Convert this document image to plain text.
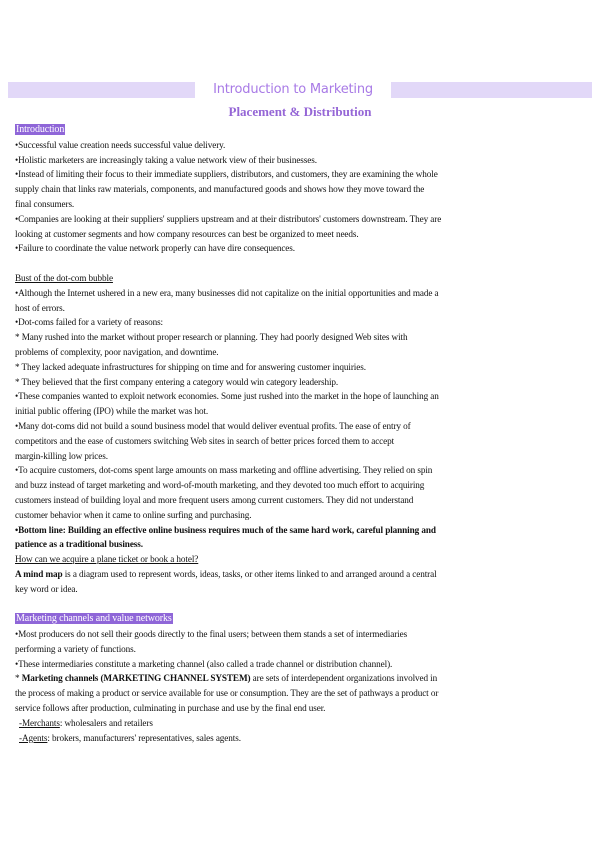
Introduction to Marketing
Placement & Distribution
Introduction
•Successful value creation needs successful value delivery.
•Holistic marketers are increasingly taking a value network view of their businesses.
•Instead of limiting their focus to their immediate suppliers, distributors, and customers, they are examining the whole
supply chain that links raw materials, components, and manufactured goods and shows how they move toward the
final consumers.
•Companies are looking at their suppliers' suppliers upstream and at their distributors' customers downstream. They are
looking at customer segments and how company resources can best be organized to meet needs.
•Failure to coordinate the value network properly can have dire consequences.
Bust of the dot-com bubble
•Although the Internet ushered in a new era, many businesses did not capitalize on the initial opportunities and made a
host of errors.
•Dot-coms failed for a variety of reasons:
* Many rushed into the market without proper research or planning. They had poorly designed Web sites with
problems of complexity, poor navigation, and downtime.
* They lacked adequate infrastructures for shipping on time and for answering customer inquiries.
* They believed that the first company entering a category would win category leadership.
•These companies wanted to exploit network economies. Some just rushed into the market in the hope of launching an
initial public offering (IPO) while the market was hot.
•Many dot-coms did not build a sound business model that would deliver eventual profits. The ease of entry of
competitors and the ease of customers switching Web sites in search of better prices forced them to accept
margin-killing low prices.
•To acquire customers, dot-coms spent large amounts on mass marketing and offline advertising. They relied on spin
and buzz instead of target marketing and word-of-mouth marketing, and they devoted too much effort to acquiring
customers instead of building loyal and more frequent users among current customers. They did not understand
customer behavior when it came to online surfing and purchasing.
•Bottom line: Building an effective online business requires much of the same hard work, careful planning and
patience as a traditional business.
How can we acquire a plane ticket or book a hotel?
A mind map is a diagram used to represent words, ideas, tasks, or other items linked to and arranged around a central
key word or idea.
Marketing channels and value networks
•Most producers do not sell their goods directly to the final users; between them stands a set of intermediaries
performing a variety of functions.
•These intermediaries constitute a marketing channel (also called a trade channel or distribution channel).
* Marketing channels (MARKETING CHANNEL SYSTEM) are sets of interdependent organizations involved in
the process of making a product or service available for use or consumption. They are the set of pathways a product or
service follows after production, culminating in purchase and use by the final end user.
-Merchants: wholesalers and retailers
-Agents: brokers, manufacturers' representatives, sales agents.
